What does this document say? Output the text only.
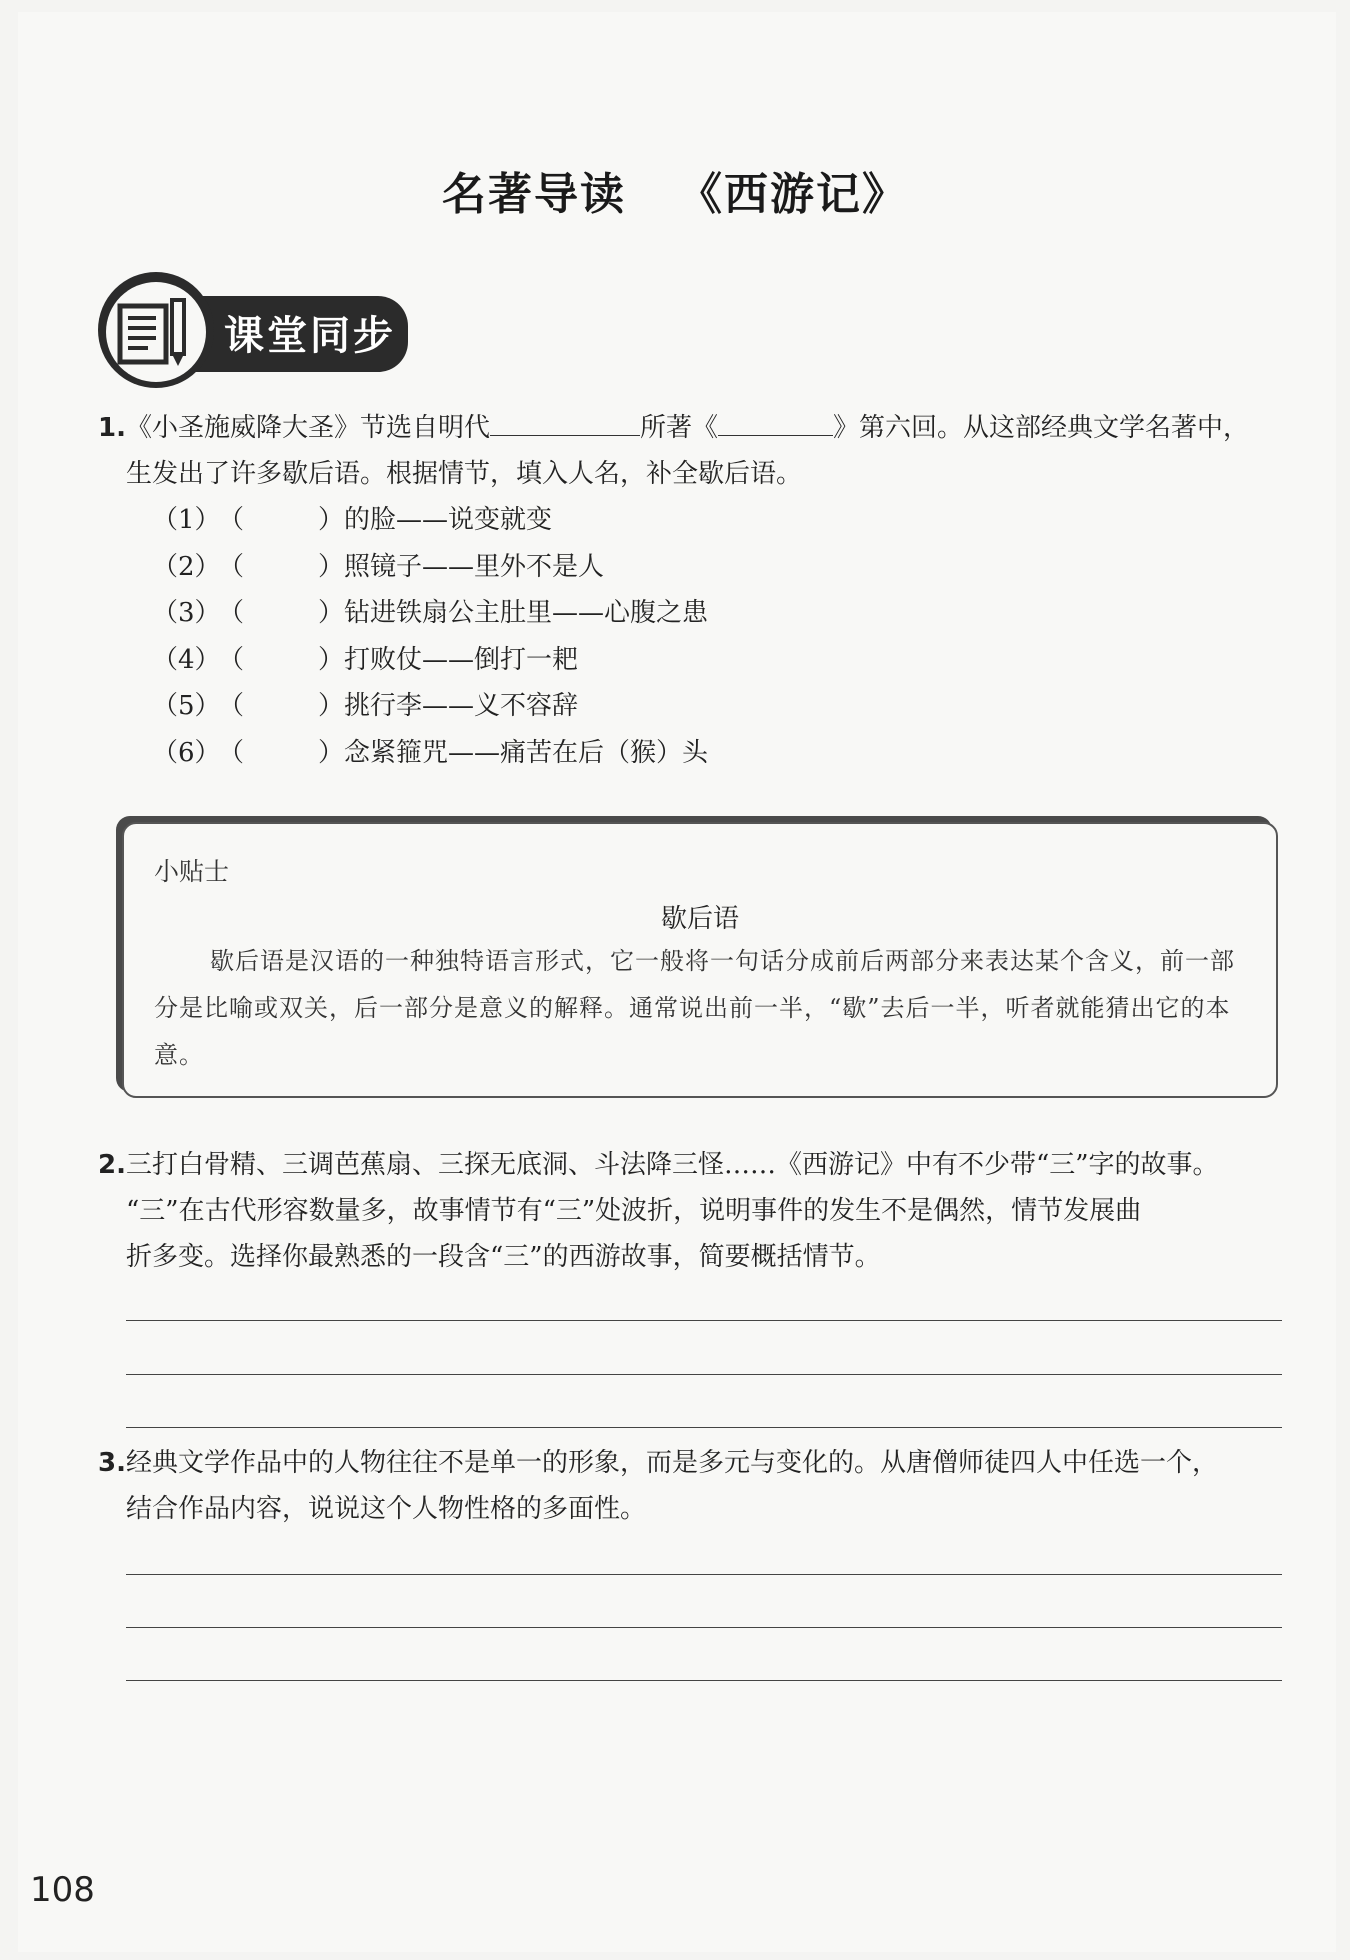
名著导读 《西游记》
课堂同步
1.《小圣施威降大圣》节选自明代	所著《	》第六回。从这部经典文学名著中，
生发出了许多歇后语。根据情节，填入人名，补全歇后语。
（1）（	）的脸——说变就变
（2）（	）照镜子——里外不是人
（3）（	）钻进铁扇公主肚里——心腹之患
（4）（	）打败仗——倒打一耙
（5）（	）挑行李——义不容辞
（6）（	）念紧箍咒——痛苦在后（猴）头
小贴士
歇后语
歇后语是汉语的一种独特语言形式，它一般将一句话分成前后两部分来表达某个含义，前一部分是比喻或双关，后一部分是意义的解释。通常说出前一半，“歇”去后一半，听者就能猜出它的本意。
2.三打白骨精、三调芭蕉扇、三探无底洞、斗法降三怪……《西游记》中有不少带“三”字的故事。
“三”在古代形容数量多，故事情节有“三”处波折，说明事件的发生不是偶然，情节发展曲
折多变。选择你最熟悉的一段含“三”的西游故事，简要概括情节。
3.经典文学作品中的人物往往不是单一的形象，而是多元与变化的。从唐僧师徒四人中任选一个，
结合作品内容，说说这个人物性格的多面性。
108
